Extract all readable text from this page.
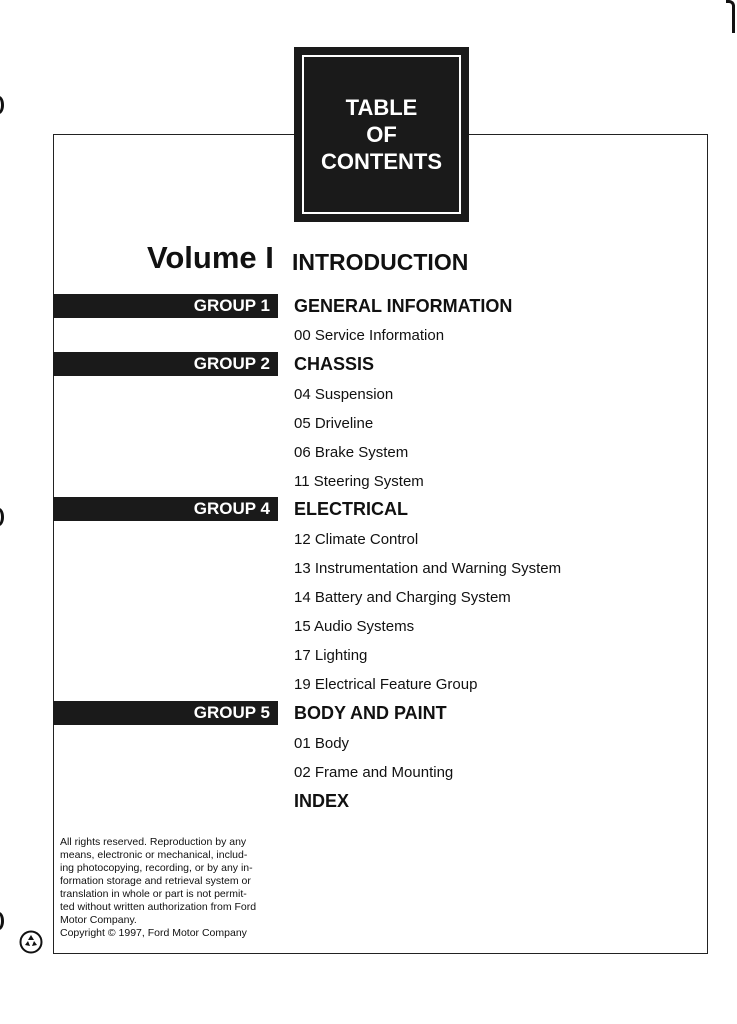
TABLE
OF
CONTENTS
Volume I INTRODUCTION
GROUP 1	GENERAL INFORMATION
00 Service Information
GROUP 2	CHASSIS
04 Suspension
05 Driveline
06 Brake System
11 Steering System
GROUP 4	ELECTRICAL
12 Climate Control
13 Instrumentation and Warning System
14 Battery and Charging System
15 Audio Systems
17 Lighting
19 Electrical Feature Group
GROUP 5	BODY AND PAINT
01 Body
02 Frame and Mounting
INDEX

All rights reserved. Reproduction by any

means, electronic or mechanical, includ-

ing photocopying, recording, or by any in-

formation storage and retrieval system or

translation in whole or part is not permit-

ted without written authorization from Ford

Motor Company.

Copyright © 1997, Ford Motor Company
